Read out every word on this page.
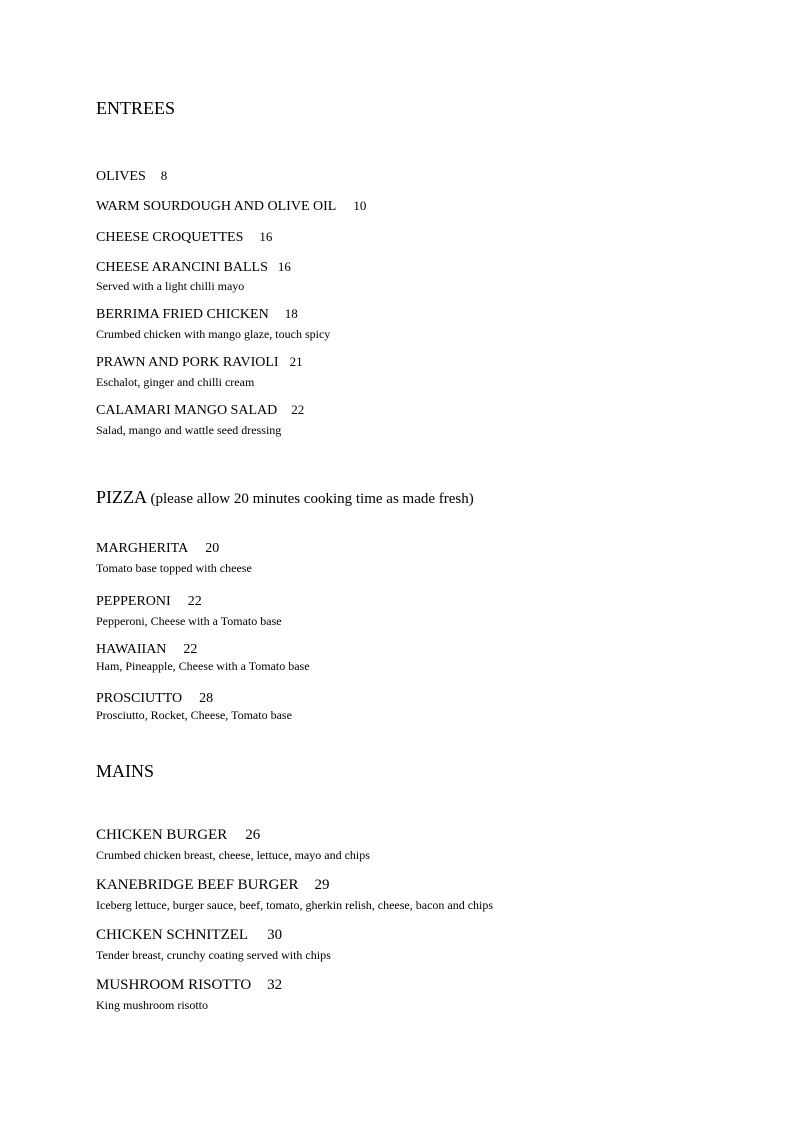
ENTREES
OLIVES 8
WARM SOURDOUGH AND OLIVE OIL 10
CHEESE CROQUETTES 16
CHEESE ARANCINI BALLS 16
Served with a light chilli mayo
BERRIMA FRIED CHICKEN 18
Crumbed chicken with mango glaze, touch spicy
PRAWN AND PORK RAVIOLI 21
Eschalot, ginger and chilli cream
CALAMARI MANGO SALAD 22
Salad, mango and wattle seed dressing
PIZZA (please allow 20 minutes cooking time as made fresh)
MARGHERITA 20
Tomato base topped with cheese
PEPPERONI 22
Pepperoni, Cheese with a Tomato base
HAWAIIAN 22
Ham, Pineapple, Cheese with a Tomato base
PROSCIUTTO 28
Prosciutto, Rocket, Cheese, Tomato base
MAINS
CHICKEN BURGER 26
Crumbed chicken breast, cheese, lettuce, mayo and chips
KANEBRIDGE BEEF BURGER 29
Iceberg lettuce, burger sauce, beef, tomato, gherkin relish, cheese, bacon and chips
CHICKEN SCHNITZEL 30
Tender breast, crunchy coating served with chips
MUSHROOM RISOTTO 32
King mushroom risotto
